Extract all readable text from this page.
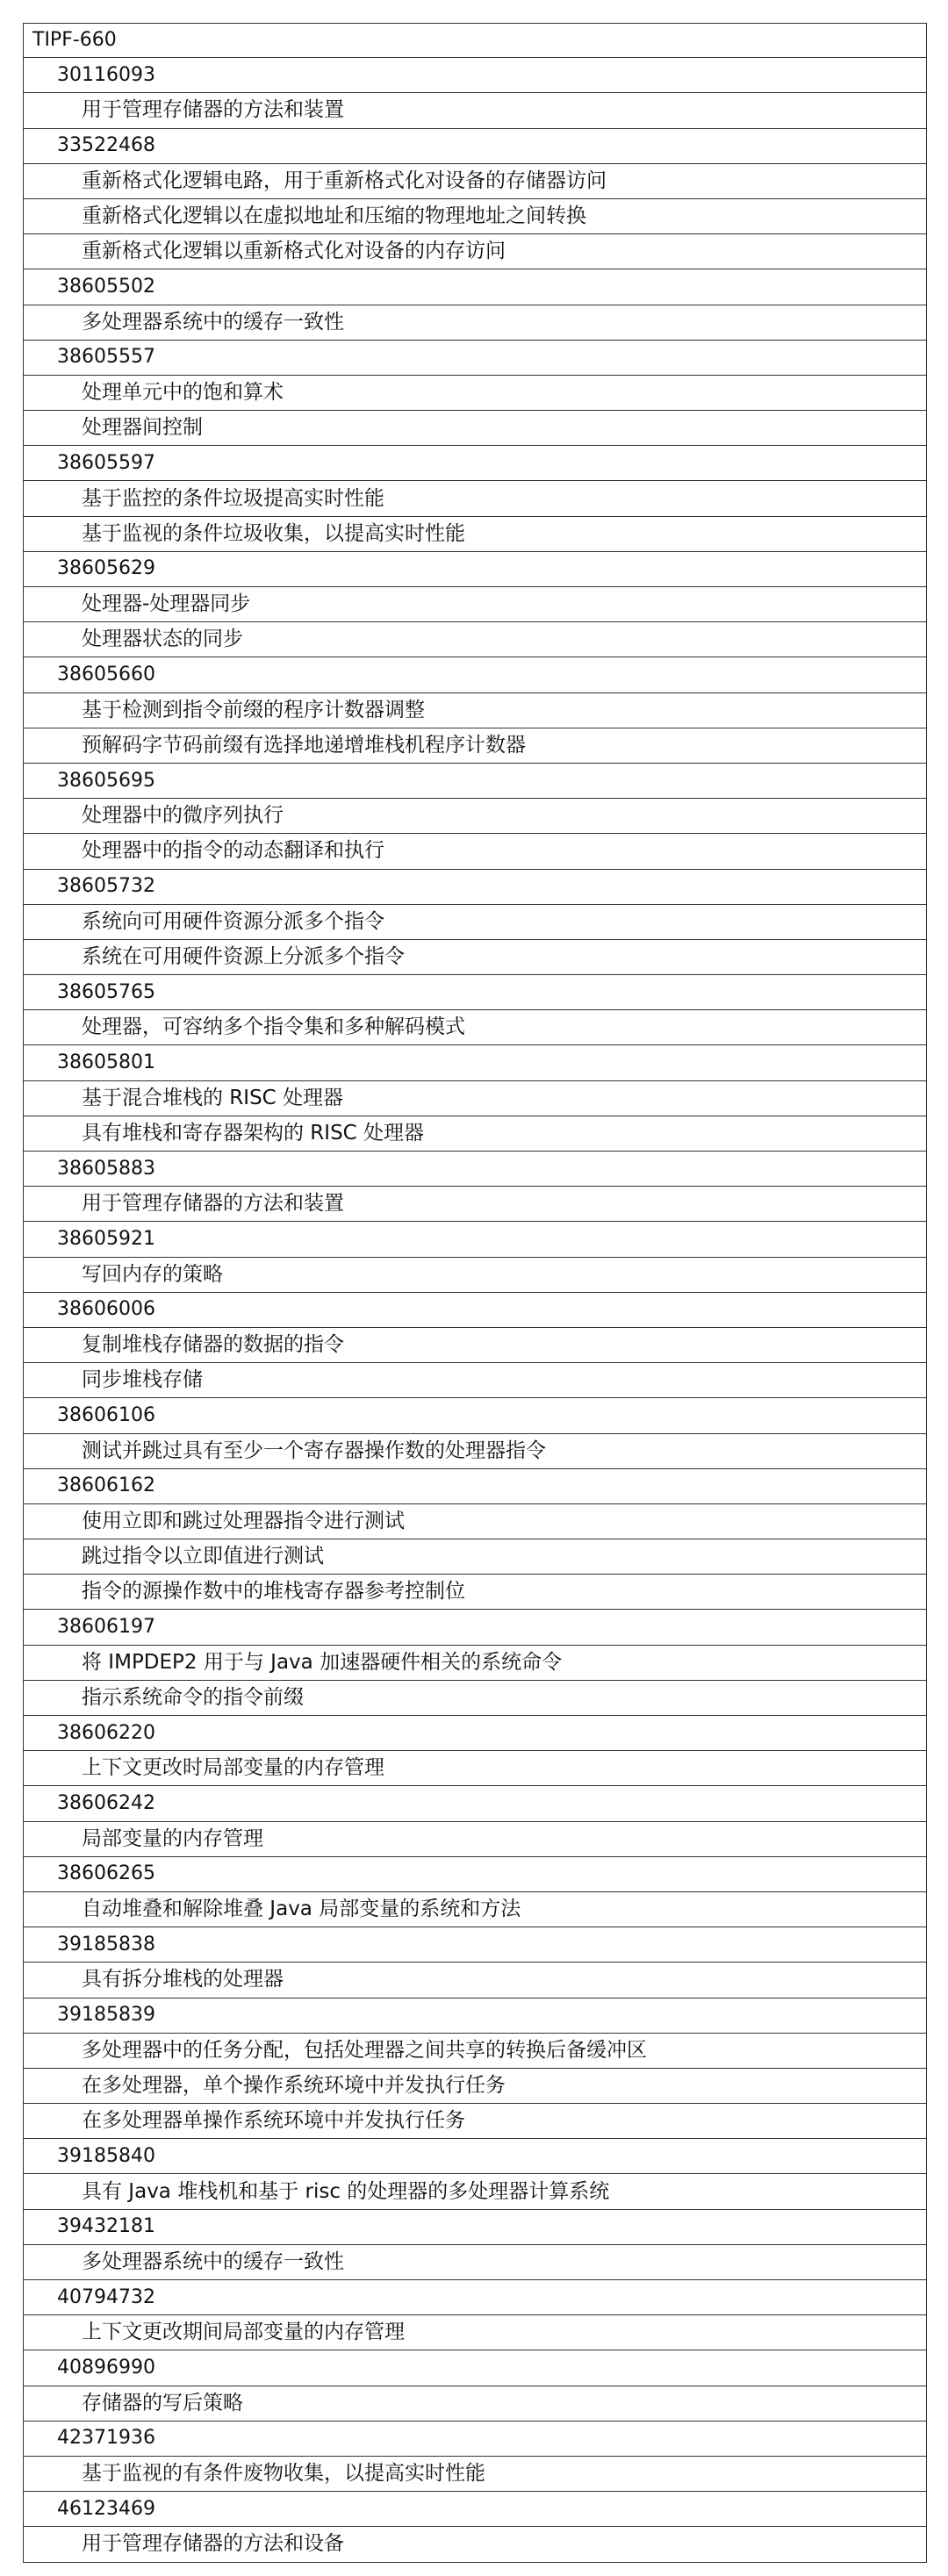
TIPF-660
30116093
用于管理存储器的方法和装置
33522468
重新格式化逻辑电路，用于重新格式化对设备的存储器访问
重新格式化逻辑以在虚拟地址和压缩的物理地址之间转换
重新格式化逻辑以重新格式化对设备的内存访问
38605502
多处理器系统中的缓存一致性
38605557
处理单元中的饱和算术
处理器间控制
38605597
基于监控的条件垃圾提高实时性能
基于监视的条件垃圾收集，以提高实时性能
38605629
处理器-处理器同步
处理器状态的同步
38605660
基于检测到指令前缀的程序计数器调整
预解码字节码前缀有选择地递增堆栈机程序计数器
38605695
处理器中的微序列执行
处理器中的指令的动态翻译和执行
38605732
系统向可用硬件资源分派多个指令
系统在可用硬件资源上分派多个指令
38605765
处理器，可容纳多个指令集和多种解码模式
38605801
基于混合堆栈的 RISC 处理器
具有堆栈和寄存器架构的 RISC 处理器
38605883
用于管理存储器的方法和装置
38605921
写回内存的策略
38606006
复制堆栈存储器的数据的指令
同步堆栈存储
38606106
测试并跳过具有至少一个寄存器操作数的处理器指令
38606162
使用立即和跳过处理器指令进行测试
跳过指令以立即值进行测试
指令的源操作数中的堆栈寄存器参考控制位
38606197
将 IMPDEP2 用于与 Java 加速器硬件相关的系统命令
指示系统命令的指令前缀
38606220
上下文更改时局部变量的内存管理
38606242
局部变量的内存管理
38606265
自动堆叠和解除堆叠 Java 局部变量的系统和方法
39185838
具有拆分堆栈的处理器
39185839
多处理器中的任务分配，包括处理器之间共享的转换后备缓冲区
在多处理器，单个操作系统环境中并发执行任务
在多处理器单操作系统环境中并发执行任务
39185840
具有 Java 堆栈机和基于 risc 的处理器的多处理器计算系统
39432181
多处理器系统中的缓存一致性
40794732
上下文更改期间局部变量的内存管理
40896990
存储器的写后策略
42371936
基于监视的有条件废物收集，以提高实时性能
46123469
用于管理存储器的方法和设备
